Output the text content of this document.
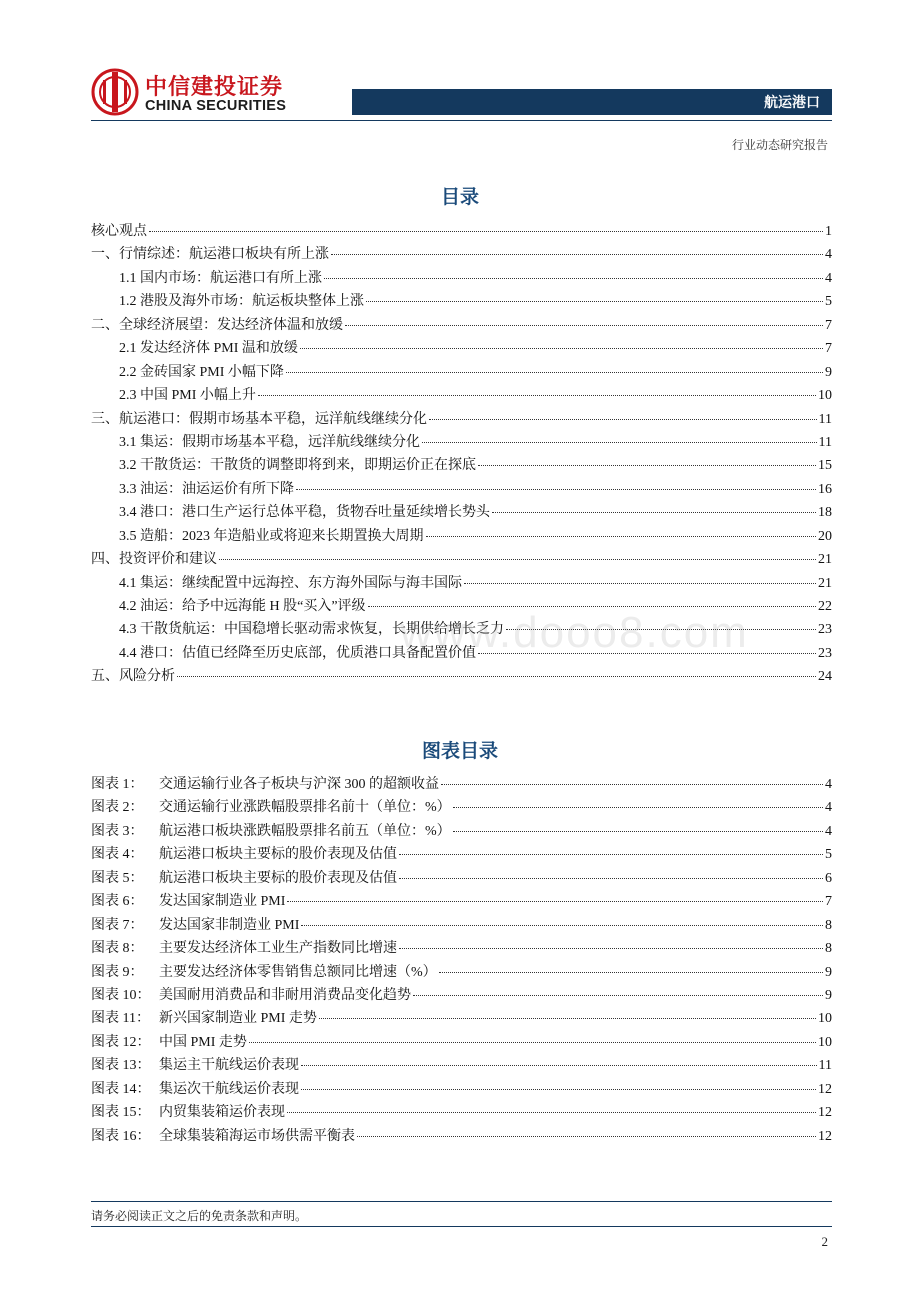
中信建投证券
CHINA SECURITIES	航运港口
行业动态研究报告
目录
核心观点	1
一、行情综述：航运港口板块有所上涨	4
1.1 国内市场：航运港口有所上涨	4
1.2 港股及海外市场：航运板块整体上涨	5
二、全球经济展望：发达经济体温和放缓	7
2.1 发达经济体 PMI 温和放缓	7
2.2 金砖国家 PMI 小幅下降	9
2.3 中国 PMI 小幅上升	10
三、航运港口：假期市场基本平稳，远洋航线继续分化	11
3.1 集运：假期市场基本平稳，远洋航线继续分化	11
3.2 干散货运：干散货的调整即将到来，即期运价正在探底	15
3.3 油运：油运运价有所下降	16
3.4 港口：港口生产运行总体平稳，货物吞吐量延续增长势头	18
3.5 造船：2023 年造船业或将迎来长期置换大周期	20
四、投资评价和建议	21
4.1 集运：继续配置中远海控、东方海外国际与海丰国际	21
4.2 油运：给予中远海能 H 股“买入”评级	22
4.3 干散货航运：中国稳增长驱动需求恢复，长期供给增长乏力	23
4.4 港口：估值已经降至历史底部，优质港口具备配置价值	23
五、风险分析	24
图表目录
图表 1：	交通运输行业各子板块与沪深 300 的超额收益	4
图表 2：	交通运输行业涨跌幅股票排名前十（单位：%）	4
图表 3：	航运港口板块涨跌幅股票排名前五（单位：%）	4
图表 4：	航运港口板块主要标的股价表现及估值	5
图表 5：	航运港口板块主要标的股价表现及估值	6
图表 6：	发达国家制造业 PMI	7
图表 7：	发达国家非制造业 PMI	8
图表 8：	主要发达经济体工业生产指数同比增速	8
图表 9：	主要发达经济体零售销售总额同比增速（%）	9
图表 10： 美国耐用消费品和非耐用消费品变化趋势	9
图表 11： 新兴国家制造业 PMI 走势	10
图表 12： 中国 PMI 走势	10
图表 13： 集运主干航线运价表现	11
图表 14： 集运次干航线运价表现	12
图表 15： 内贸集装箱运价表现	12
图表 16： 全球集装箱海运市场供需平衡表	12
www.dooo8.com
请务必阅读正文之后的免责条款和声明。
2
